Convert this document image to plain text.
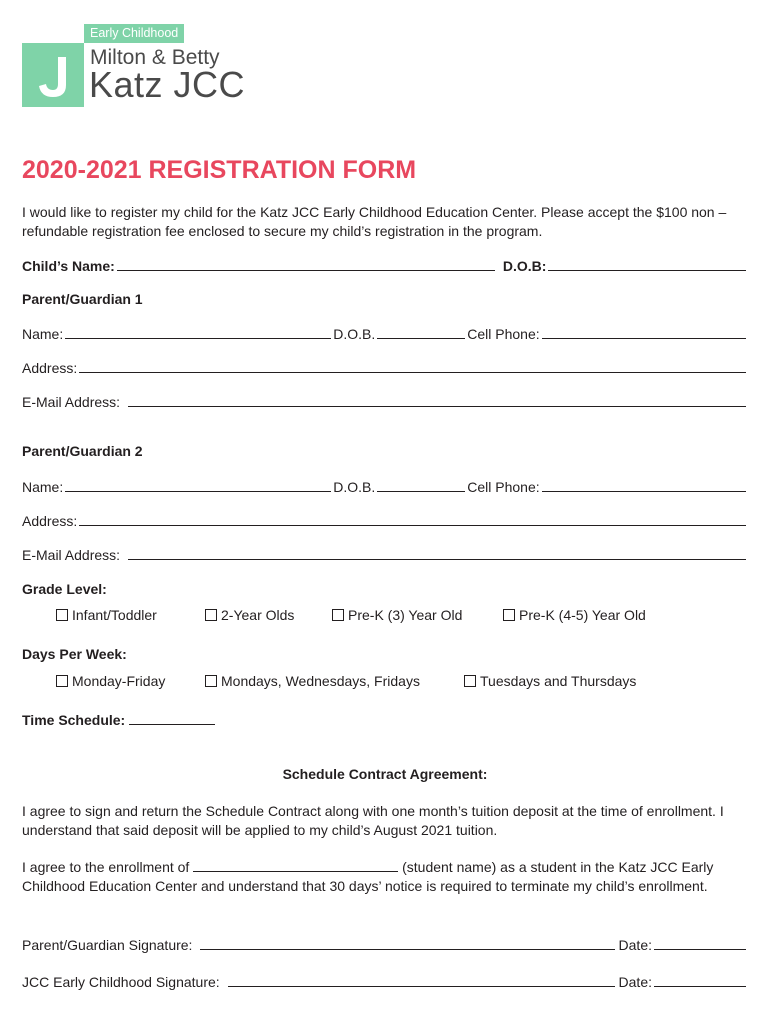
Early Childhood
Milton & Betty
Katz JCC
2020-2021 REGISTRATION FORM
I would like to register my child for the Katz JCC Early Childhood Education Center. Please accept the $100 non – refundable registration fee enclosed to secure my child’s registration in the program.
Child’s Name:	D.O.B:
Parent/Guardian 1
Name:	D.O.B.	Cell Phone:
Address:
E-Mail Address:
Parent/Guardian 2
Name:	D.O.B.	Cell Phone:
Address:
E-Mail Address:
Grade Level:
Infant/Toddler	2-Year Olds	Pre-K (3) Year Old	Pre-K (4-5) Year Old
Days Per Week:
Monday-Friday	Mondays, Wednesdays, Fridays	Tuesdays and Thursdays
Time Schedule:
Schedule Contract Agreement:
I agree to sign and return the Schedule Contract along with one month’s tuition deposit at the time of enrollment. I understand that said deposit will be applied to my child’s August 2021 tuition.
I agree to the enrollment of	(student name) as a student in the Katz JCC Early Childhood Education Center and understand that 30 days’ notice is required to terminate my child’s enrollment.
Parent/Guardian Signature:	Date:
JCC Early Childhood Signature:	Date:
